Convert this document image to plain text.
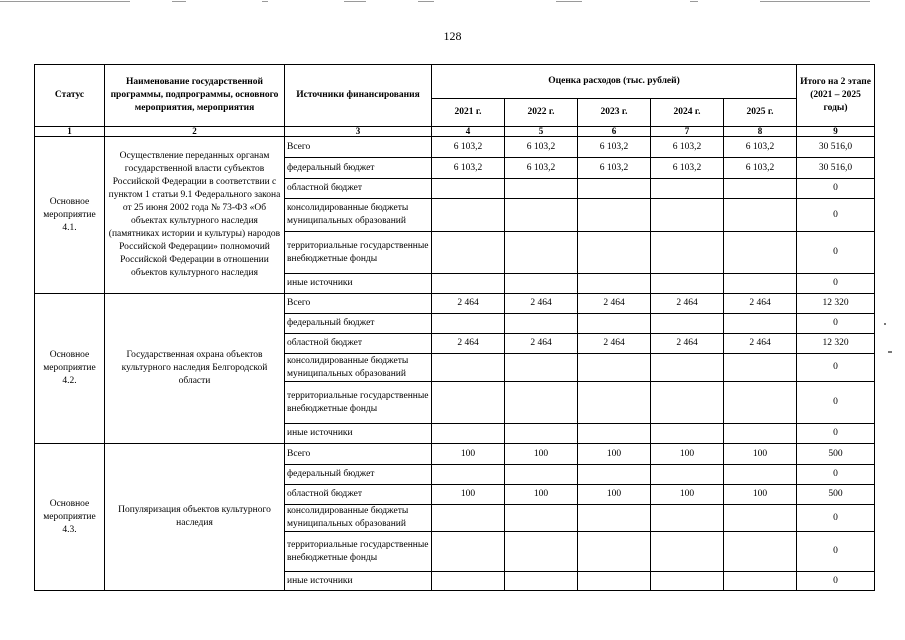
128
Статус	Наименование государственной программы, подпрограммы, основного мероприятия, мероприятия	Источники финансирования	Оценка расходов (тыс. рублей)					Итого на 2 этапе (2021 – 2025 годы)
			2021 г.	2022 г.	2023 г.	2024 г.	2025 г.	
1	2	3	4	5	6	7	8	9
Основное мероприятие 4.1.	Осуществление переданных органам государственной власти субъектов Российской Федерации в соответствии с пунктом 1 статьи 9.1 Федерального закона от 25 июня 2002 года № 73-ФЗ «Об объектах культурного наследия (памятниках истории и культуры) народов Российской Федерации» полномочий Российской Федерации в отношении объектов культурного наследия	Всего	6 103,2	6 103,2	6 103,2	6 103,2	6 103,2	30 516,0
		федеральный бюджет	6 103,2	6 103,2	6 103,2	6 103,2	6 103,2	30 516,0
		областной бюджет						0
		консолидированные бюджеты муниципальных образований						0
		территориальные государственные внебюджетные фонды						0
		иные источники						0
Основное мероприятие 4.2.	Государственная охрана объектов культурного наследия Белгородской области	Всего	2 464	2 464	2 464	2 464	2 464	12 320
		федеральный бюджет						0
		областной бюджет	2 464	2 464	2 464	2 464	2 464	12 320
		консолидированные бюджеты муниципальных образований						0
		территориальные государственные внебюджетные фонды						0
		иные источники						0
Основное мероприятие 4.3.	Популяризация объектов культурного наследия	Всего	100	100	100	100	100	500
		федеральный бюджет						0
		областной бюджет	100	100	100	100	100	500
		консолидированные бюджеты муниципальных образований						0
		территориальные государственные внебюджетные фонды						0
		иные источники						0
